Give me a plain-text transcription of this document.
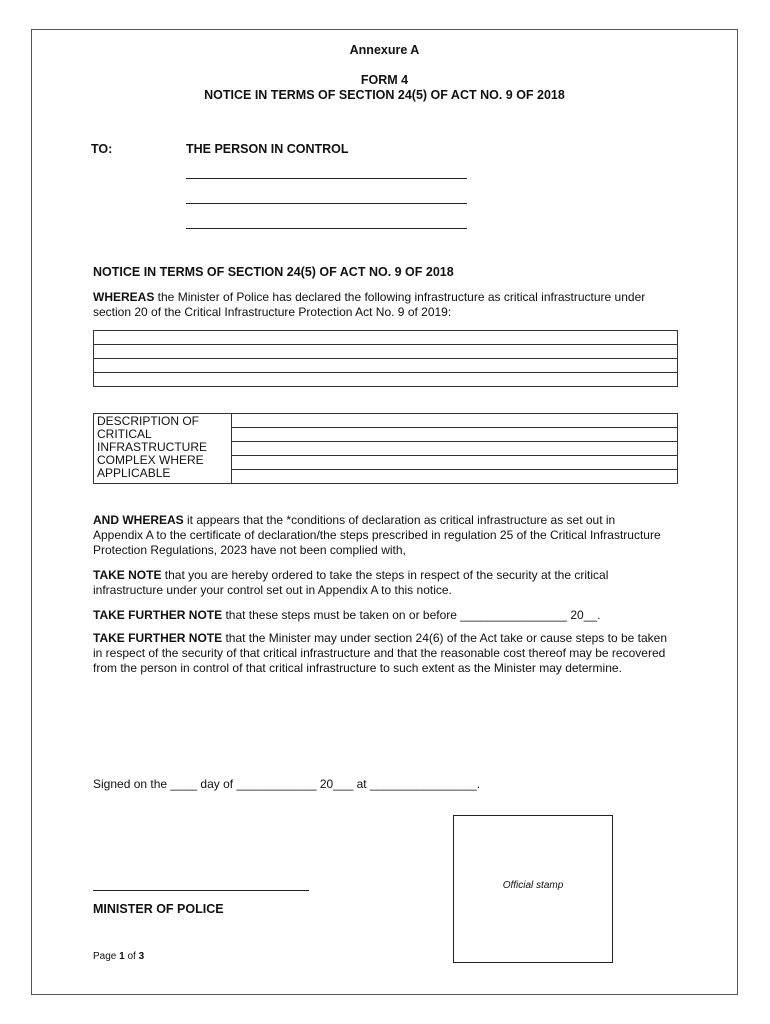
Annexure A
FORM 4
NOTICE IN TERMS OF SECTION 24(5) OF ACT NO. 9 OF 2018
TO:	THE PERSON IN CONTROL
NOTICE IN TERMS OF SECTION 24(5) OF ACT NO. 9 OF 2018
WHEREAS the Minister of Police has declared the following infrastructure as critical infrastructure under section 20 of the Critical Infrastructure Protection Act No. 9 of 2019:

DESCRIPTION OF CRITICAL INFRASTRUCTURE COMPLEX WHERE APPLICABLE	

AND WHEREAS it appears that the *conditions of declaration as critical infrastructure as set out in Appendix A to the certificate of declaration/the steps prescribed in regulation 25 of the Critical Infrastructure Protection Regulations, 2023 have not been complied with,
TAKE NOTE that you are hereby ordered to take the steps in respect of the security at the critical infrastructure under your control set out in Appendix A to this notice.
TAKE FURTHER NOTE that these steps must be taken on or before ________________ 20__.
TAKE FURTHER NOTE that the Minister may under section 24(6) of the Act take or cause steps to be taken in respect of the security of that critical infrastructure and that the reasonable cost thereof may be recovered from the person in control of that critical infrastructure to such extent as the Minister may determine.
Signed on the ____ day of ____________ 20___ at ________________.
MINISTER OF POLICE
Official stamp
Page 1 of 3
